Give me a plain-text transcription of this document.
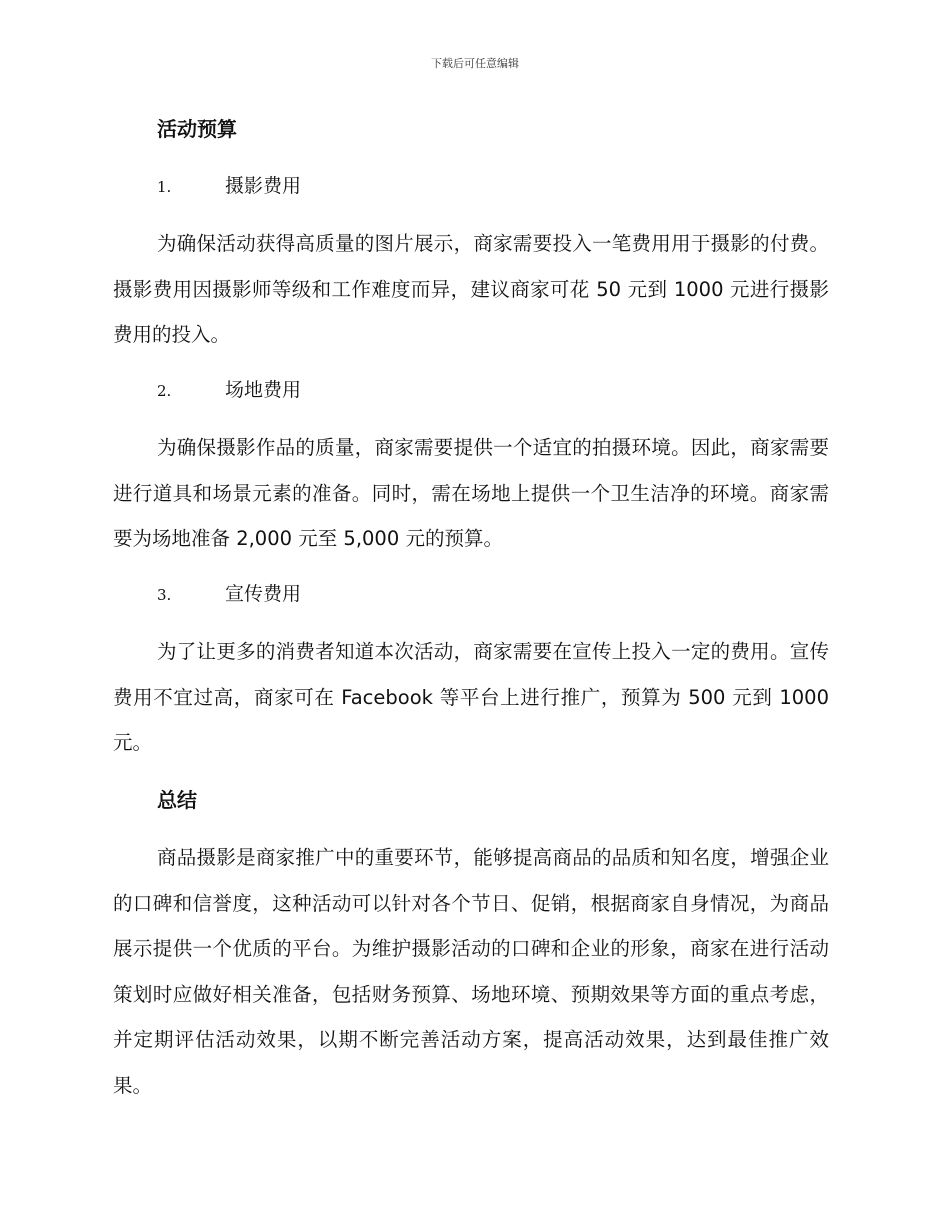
下载后可任意编辑
活动预算
1.	摄影费用

为确保活动获得高质量的图片展示，商家需要投入一笔费用用于摄影的付费。摄影费用因摄影师等级和工作难度而异，建议商家可花 50 元到 1000 元进行摄影费用的投入。

2.	场地费用

为确保摄影作品的质量，商家需要提供一个适宜的拍摄环境。因此，商家需要进行道具和场景元素的准备。同时，需在场地上提供一个卫生洁净的环境。商家需要为场地准备 2,000 元至 5,000 元的预算。

3.	宣传费用

为了让更多的消费者知道本次活动，商家需要在宣传上投入一定的费用。宣传费用不宜过高，商家可在 Facebook 等平台上进行推广，预算为 500 元到 1000 元。

总结

商品摄影是商家推广中的重要环节，能够提高商品的品质和知名度，增强企业的口碑和信誉度，这种活动可以针对各个节日、促销，根据商家自身情况，为商品展示提供一个优质的平台。为维护摄影活动的口碑和企业的形象，商家在进行活动策划时应做好相关准备，包括财务预算、场地环境、预期效果等方面的重点考虑，并定期评估活动效果，以期不断完善活动方案，提高活动效果，达到最佳推广效果。
